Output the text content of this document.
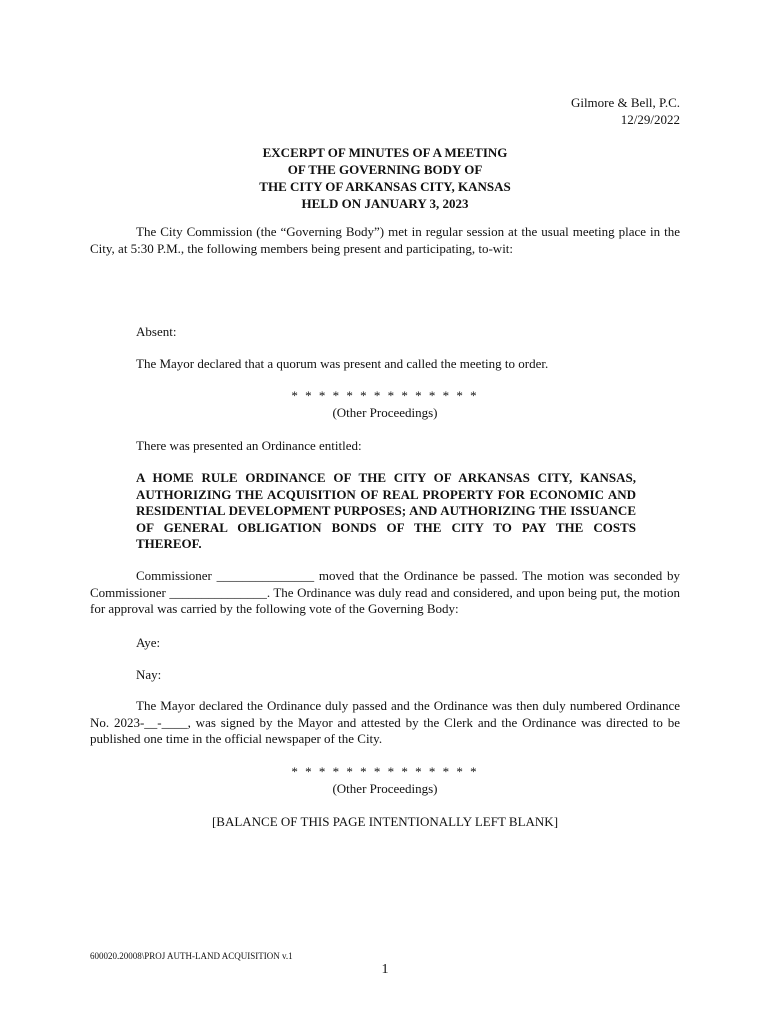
Gilmore & Bell, P.C.
12/29/2022
EXCERPT OF MINUTES OF A MEETING
OF THE GOVERNING BODY OF
THE CITY OF ARKANSAS CITY, KANSAS
HELD ON JANUARY 3, 2023
The City Commission (the “Governing Body”) met in regular session at the usual meeting place in the City, at 5:30 P.M., the following members being present and participating, to-wit:
Absent:
The Mayor declared that a quorum was present and called the meeting to order.
* * * * * * * * * * * * * *
(Other Proceedings)
There was presented an Ordinance entitled:
A HOME RULE ORDINANCE OF THE CITY OF ARKANSAS CITY, KANSAS, AUTHORIZING THE ACQUISITION OF REAL PROPERTY FOR ECONOMIC AND RESIDENTIAL DEVELOPMENT PURPOSES; AND AUTHORIZING THE ISSUANCE OF GENERAL OBLIGATION BONDS OF THE CITY TO PAY THE COSTS THEREOF.
Commissioner _______________ moved that the Ordinance be passed. The motion was seconded by Commissioner _______________. The Ordinance was duly read and considered, and upon being put, the motion for approval was carried by the following vote of the Governing Body:
Aye:
Nay:
The Mayor declared the Ordinance duly passed and the Ordinance was then duly numbered Ordinance No. 2023-__-____, was signed by the Mayor and attested by the Clerk and the Ordinance was directed to be published one time in the official newspaper of the City.
* * * * * * * * * * * * * *
(Other Proceedings)
[BALANCE OF THIS PAGE INTENTIONALLY LEFT BLANK]
600020.20008\PROJ AUTH-LAND ACQUISITION v.1
1
